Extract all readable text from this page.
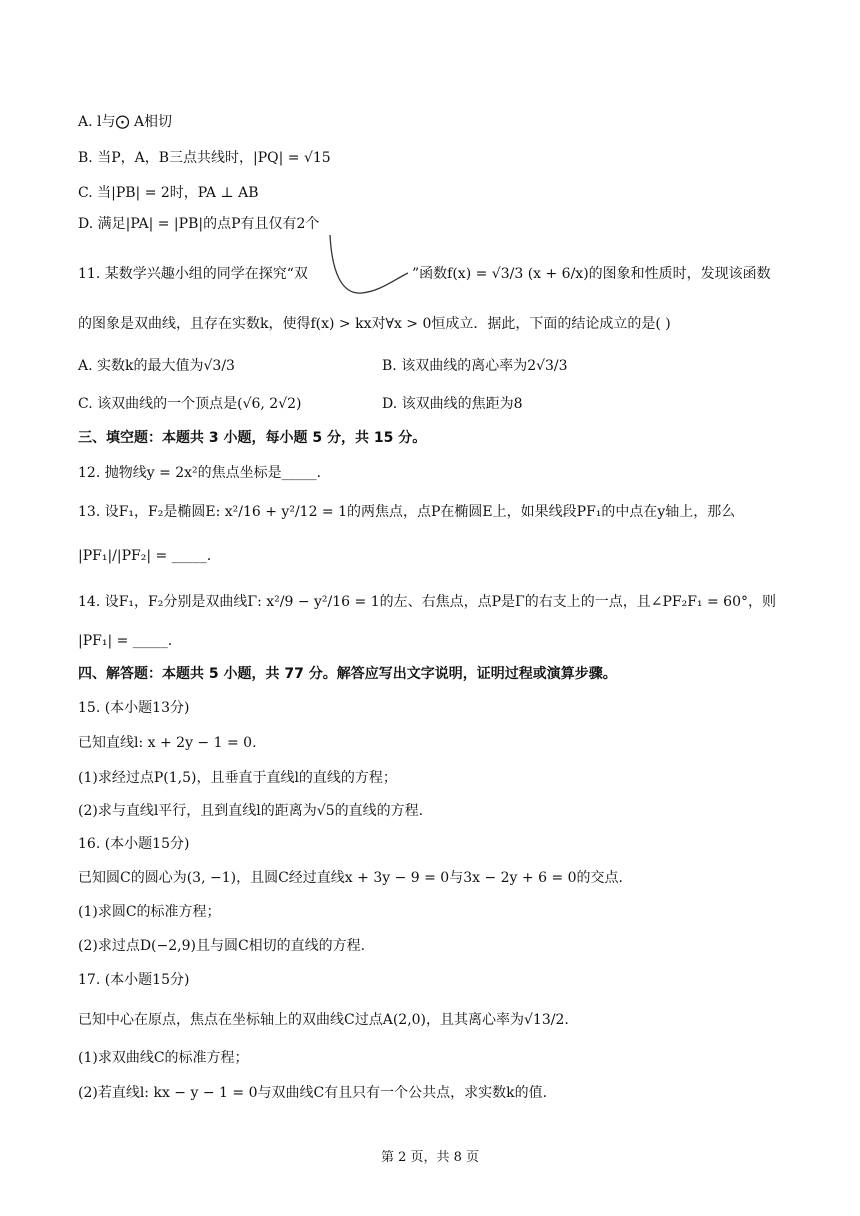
A. l与⨀ A相切
B. 当P，A，B三点共线时，|PQ| = √15
C. 当|PB| = 2时，PA ⊥ AB
D. 满足|PA| = |PB|的点P有且仅有2个
11. 某数学兴趣小组的同学在探究“双	”函数f(x) = √3/3 (x + 6/x)的图象和性质时，发现该函数
的图象是双曲线，且存在实数k，使得f(x) > kx对∀x > 0恒成立．据此，下面的结论成立的是( )
A. 实数k的最大值为√3/3	B. 该双曲线的离心率为2√3/3
C. 该双曲线的一个顶点是(√6, 2√2)	D. 该双曲线的焦距为8
三、填空题：本题共 3 小题，每小题 5 分，共 15 分。
12. 抛物线y = 2x²的焦点坐标是_____.
13. 设F₁，F₂是椭圆E: x²/16 + y²/12 = 1的两焦点，点P在椭圆E上，如果线段PF₁的中点在y轴上，那么
|PF₁|/|PF₂| = _____.
14. 设F₁，F₂分别是双曲线Γ: x²/9 − y²/16 = 1的左、右焦点，点P是Γ的右支上的一点，且∠PF₂F₁ = 60°，则
|PF₁| = _____.
四、解答题：本题共 5 小题，共 77 分。解答应写出文字说明，证明过程或演算步骤。
15. (本小题13分)
已知直线l: x + 2y − 1 = 0.
(1)求经过点P(1,5)，且垂直于直线l的直线的方程；
(2)求与直线l平行，且到直线l的距离为√5的直线的方程.
16. (本小题15分)
已知圆C的圆心为(3, −1)，且圆C经过直线x + 3y − 9 = 0与3x − 2y + 6 = 0的交点.
(1)求圆C的标准方程；
(2)求过点D(−2,9)且与圆C相切的直线的方程.
17. (本小题15分)
已知中心在原点，焦点在坐标轴上的双曲线C过点A(2,0)，且其离心率为√13/2.
(1)求双曲线C的标准方程；
(2)若直线l: kx − y − 1 = 0与双曲线C有且只有一个公共点，求实数k的值.
第 2 页，共 8 页
